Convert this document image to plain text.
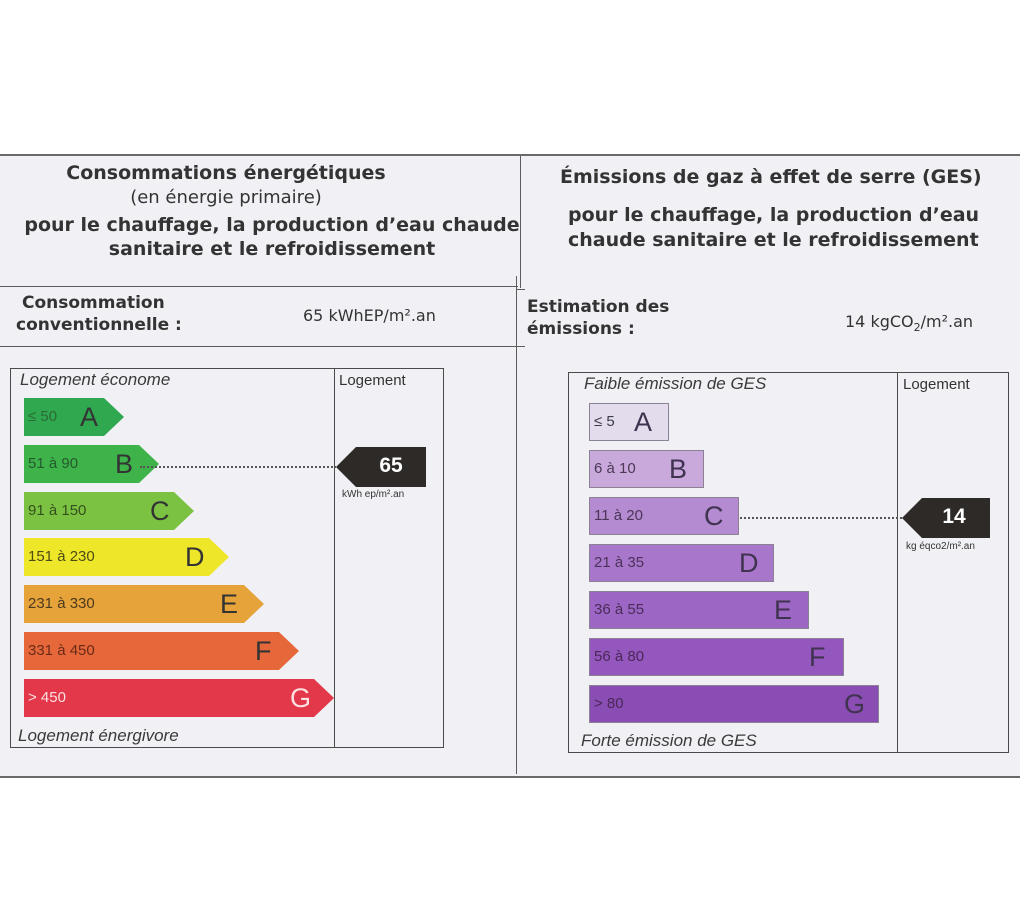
Consommations énergétiques
(en énergie primaire)
pour le chauffage, la production d’eau chaude
sanitaire et le refroidissement
Consommation
conventionnelle :	65 kWhEP/m².an
Émissions de gaz à effet de serre (GES)
pour le chauffage, la production d’eau
chaude sanitaire et le refroidissement
Estimation des
émissions :	14 kgCO$_2$/m².an
Logement économe	Logement
Logement énergivore
≤ 50 A
51 à 90 B
91 à 150 C
151 à 230	D
231 à 330	E
331 à 450	F
> 450	G
65
kWh ep/m².an
Faible émission de GES	Logement
Forte émission de GES
≤ 5 A
6 à 10 B
11 à 20 C
21 à 35	D
36 à 55	E
56 à 80	F
> 80	G
14
kg éqco2/m².an
